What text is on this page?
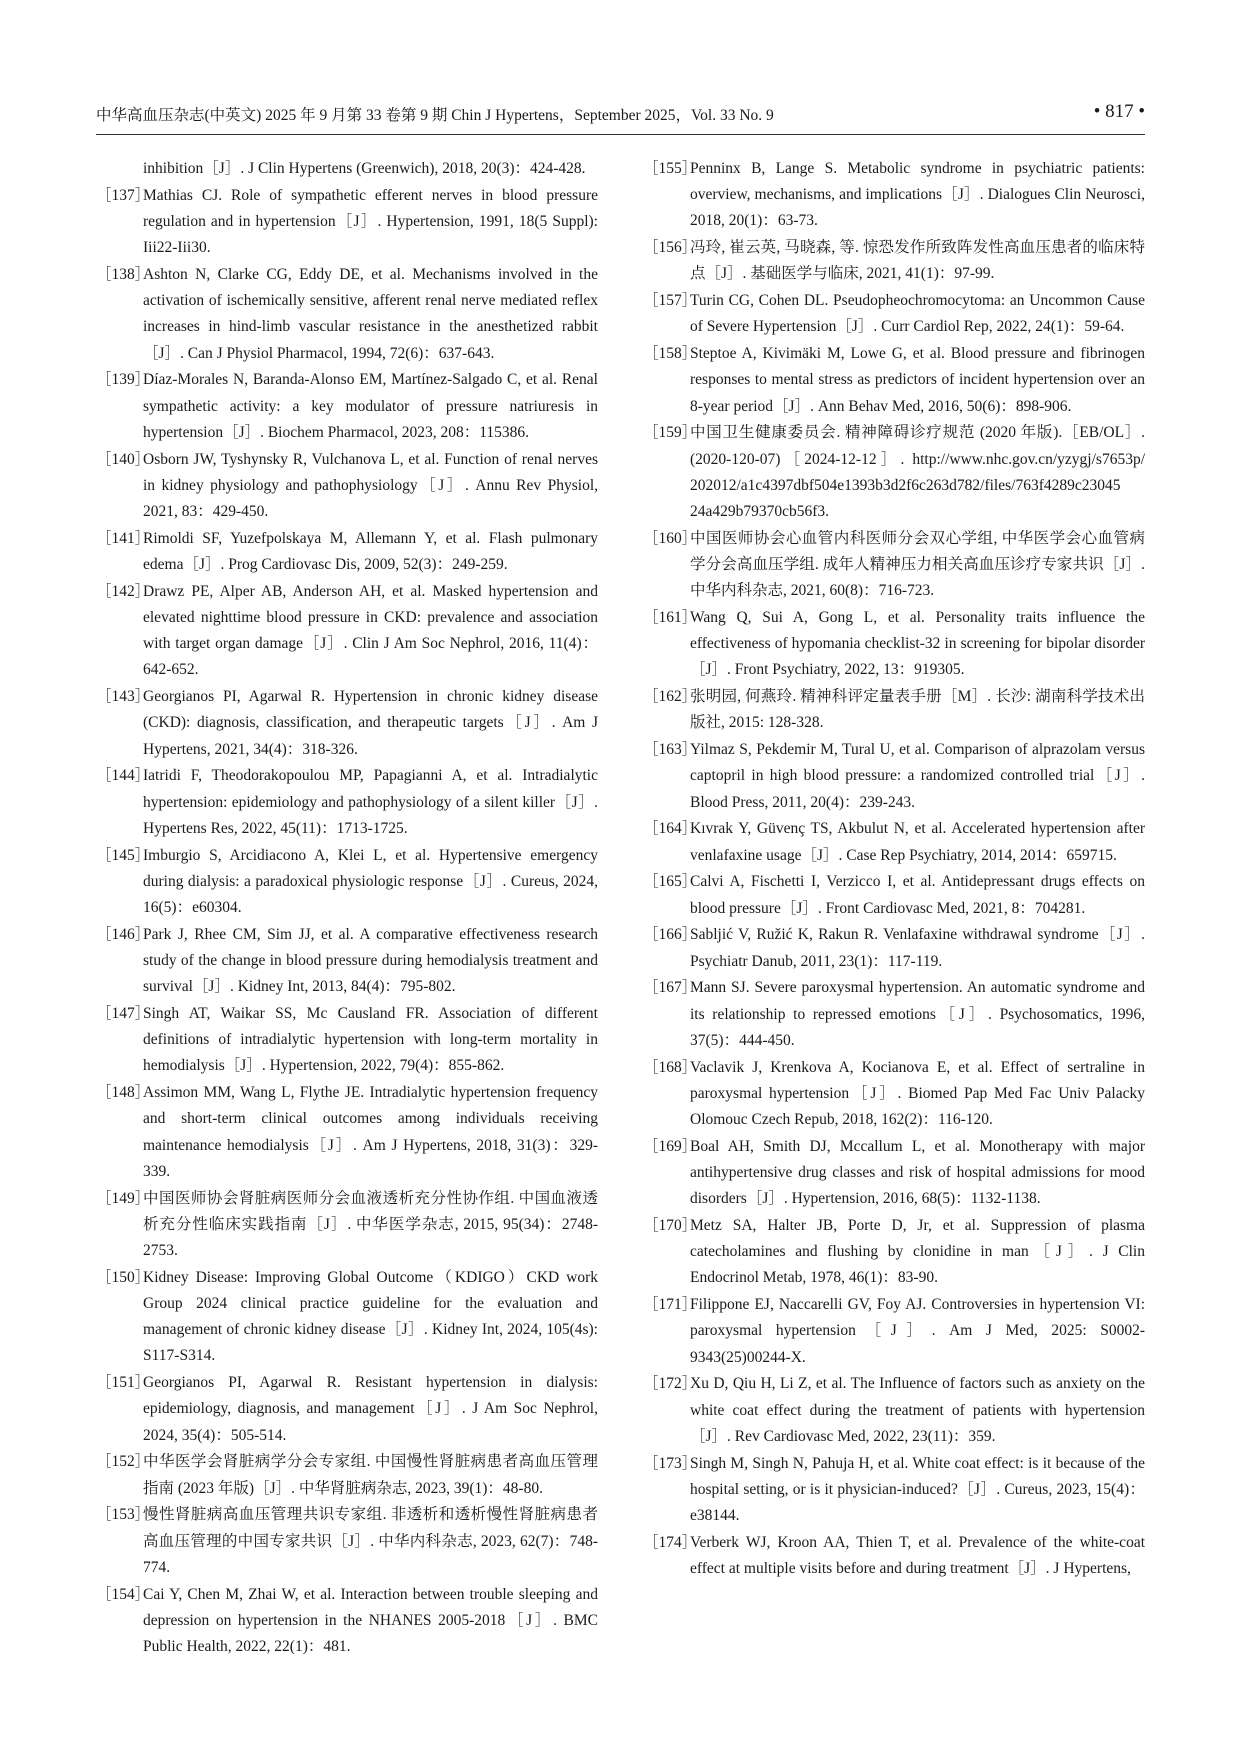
中华高血压杂志(中英文) 2025 年 9 月第 33 卷第 9 期 Chin J Hypertens，September 2025，Vol. 33 No. 9	• 817 •
inhibition［J］. J Clin Hypertens (Greenwich), 2018, 20(3)：424-428.
［137］
Mathias CJ. Role of sympathetic efferent nerves in blood pressure regulation and in hypertension［J］. Hypertension, 1991, 18(5 Suppl): Iii22-Iii30.
［138］
Ashton N, Clarke CG, Eddy DE, et al. Mechanisms involved in the activation of ischemically sensitive, afferent renal nerve mediated reflex increases in hind-limb vascular resistance in the anesthetized rabbit［J］. Can J Physiol Pharmacol, 1994, 72(6)：637-643.
［139］
Díaz-Morales N, Baranda-Alonso EM, Martínez-Salgado C, et al. Renal sympathetic activity: a key modulator of pressure natriuresis in hypertension［J］. Biochem Pharmacol, 2023, 208：115386.
［140］
Osborn JW, Tyshynsky R, Vulchanova L, et al. Function of renal nerves in kidney physiology and pathophysiology［J］. Annu Rev Physiol, 2021, 83：429-450.
［141］
Rimoldi SF, Yuzefpolskaya M, Allemann Y, et al. Flash pulmonary edema［J］. Prog Cardiovasc Dis, 2009, 52(3)：249-259.
［142］
Drawz PE, Alper AB, Anderson AH, et al. Masked hypertension and elevated nighttime blood pressure in CKD: prevalence and association with target organ damage［J］. Clin J Am Soc Nephrol, 2016, 11(4)：642-652.
［143］
Georgianos PI, Agarwal R. Hypertension in chronic kidney disease (CKD): diagnosis, classification, and therapeutic targets［J］. Am J Hypertens, 2021, 34(4)：318-326.
［144］
Iatridi F, Theodorakopoulou MP, Papagianni A, et al. Intradialytic hypertension: epidemiology and pathophysiology of a silent killer［J］. Hypertens Res, 2022, 45(11)：1713-1725.
［145］
Imburgio S, Arcidiacono A, Klei L, et al. Hypertensive emergency during dialysis: a paradoxical physiologic response［J］. Cureus, 2024, 16(5)：e60304.
［146］
Park J, Rhee CM, Sim JJ, et al. A comparative effectiveness research study of the change in blood pressure during hemodialysis treatment and survival［J］. Kidney Int, 2013, 84(4)：795-802.
［147］
Singh AT, Waikar SS, Mc Causland FR. Association of different definitions of intradialytic hypertension with long-term mortality in hemodialysis［J］. Hypertension, 2022, 79(4)：855-862.
［148］
Assimon MM, Wang L, Flythe JE. Intradialytic hypertension frequency and short-term clinical outcomes among individuals receiving maintenance hemodialysis［J］. Am J Hypertens, 2018, 31(3)：329-339.
［149］
中国医师协会肾脏病医师分会血液透析充分性协作组. 中国血液透析充分性临床实践指南［J］. 中华医学杂志, 2015, 95(34)：2748-2753.
［150］
Kidney Disease: Improving Global Outcome（KDIGO）CKD work Group 2024 clinical practice guideline for the evaluation and management of chronic kidney disease［J］. Kidney Int, 2024, 105(4s): S117-S314.
［151］
Georgianos PI, Agarwal R. Resistant hypertension in dialysis: epidemiology, diagnosis, and management［J］. J Am Soc Nephrol, 2024, 35(4)：505-514.
［152］
中华医学会肾脏病学分会专家组. 中国慢性肾脏病患者高血压管理指南 (2023 年版)［J］. 中华肾脏病杂志, 2023, 39(1)：48-80.
［153］
慢性肾脏病高血压管理共识专家组. 非透析和透析慢性肾脏病患者高血压管理的中国专家共识［J］. 中华内科杂志, 2023, 62(7)：748-774.
［154］
Cai Y, Chen M, Zhai W, et al. Interaction between trouble sleeping and depression on hypertension in the NHANES 2005-2018［J］. BMC Public Health, 2022, 22(1)：481.
［155］
Penninx B, Lange S. Metabolic syndrome in psychiatric patients: overview, mechanisms, and implications［J］. Dialogues Clin Neurosci, 2018, 20(1)：63-73.
［156］
冯玲, 崔云英, 马晓森, 等. 惊恐发作所致阵发性高血压患者的临床特点［J］. 基础医学与临床, 2021, 41(1)：97-99.
［157］
Turin CG, Cohen DL. Pseudopheochromocytoma: an Uncommon Cause of Severe Hypertension［J］. Curr Cardiol Rep, 2022, 24(1)：59-64.
［158］
Steptoe A, Kivimäki M, Lowe G, et al. Blood pressure and fibrinogen responses to mental stress as predictors of incident hypertension over an 8-year period［J］. Ann Behav Med, 2016, 50(6)：898-906.
［159］
中国卫生健康委员会. 精神障碍诊疗规范 (2020 年版).［EB/OL］. (2020-120-07)［2024-12-12］. http://www.nhc.gov.cn/yzygj/s7653p/ 202012/a1c4397dbf504e1393b3d2f6c263d782/files/763f4289c23045 24a429b79370cb56f3.
［160］
中国医师协会心血管内科医师分会双心学组, 中华医学会心血管病学分会高血压学组. 成年人精神压力相关高血压诊疗专家共识［J］. 中华内科杂志, 2021, 60(8)：716-723.
［161］
Wang Q, Sui A, Gong L, et al. Personality traits influence the effectiveness of hypomania checklist-32 in screening for bipolar disorder［J］. Front Psychiatry, 2022, 13：919305.
［162］
张明园, 何燕玲. 精神科评定量表手册［M］. 长沙: 湖南科学技术出版社, 2015: 128-328.
［163］
Yilmaz S, Pekdemir M, Tural U, et al. Comparison of alprazolam versus captopril in high blood pressure: a randomized controlled trial［J］. Blood Press, 2011, 20(4)：239-243.
［164］
Kıvrak Y, Güvenç TS, Akbulut N, et al. Accelerated hypertension after venlafaxine usage［J］. Case Rep Psychiatry, 2014, 2014：659715.
［165］
Calvi A, Fischetti I, Verzicco I, et al. Antidepressant drugs effects on blood pressure［J］. Front Cardiovasc Med, 2021, 8：704281.
［166］
Sabljić V, Ružić K, Rakun R. Venlafaxine withdrawal syndrome［J］. Psychiatr Danub, 2011, 23(1)：117-119.
［167］
Mann SJ. Severe paroxysmal hypertension. An automatic syndrome and its relationship to repressed emotions［J］. Psychosomatics, 1996, 37(5)：444-450.
［168］
Vaclavik J, Krenkova A, Kocianova E, et al. Effect of sertraline in paroxysmal hypertension［J］. Biomed Pap Med Fac Univ Palacky Olomouc Czech Repub, 2018, 162(2)：116-120.
［169］
Boal AH, Smith DJ, Mccallum L, et al. Monotherapy with major antihypertensive drug classes and risk of hospital admissions for mood disorders［J］. Hypertension, 2016, 68(5)：1132-1138.
［170］
Metz SA, Halter JB, Porte D, Jr, et al. Suppression of plasma catecholamines and flushing by clonidine in man［J］. J Clin Endocrinol Metab, 1978, 46(1)：83-90.
［171］
Filippone EJ, Naccarelli GV, Foy AJ. Controversies in hypertension VI: paroxysmal hypertension［J］. Am J Med, 2025: S0002-9343(25)00244-X.
［172］
Xu D, Qiu H, Li Z, et al. The Influence of factors such as anxiety on the white coat effect during the treatment of patients with hypertension［J］. Rev Cardiovasc Med, 2022, 23(11)：359.
［173］
Singh M, Singh N, Pahuja H, et al. White coat effect: is it because of the hospital setting, or is it physician-induced?［J］. Cureus, 2023, 15(4)：e38144.
［174］
Verberk WJ, Kroon AA, Thien T, et al. Prevalence of the white-coat effect at multiple visits before and during treatment［J］. J Hypertens,
